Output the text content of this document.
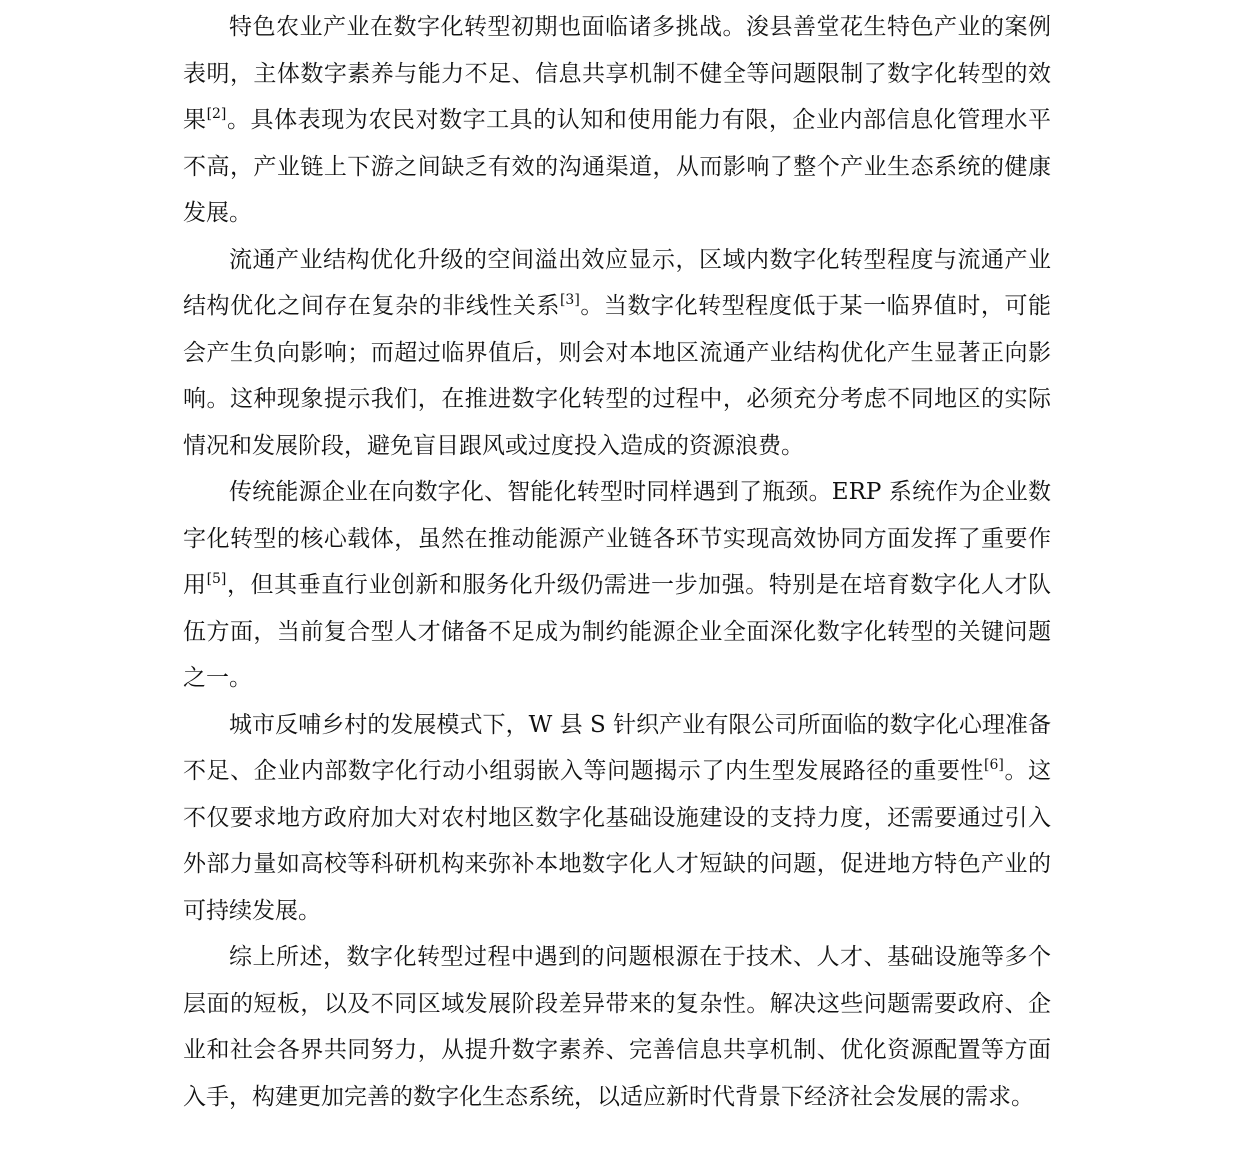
特色农业产业在数字化转型初期也面临诸多挑战。浚县善堂花生特色产业的案例表明，主体数字素养与能力不足、信息共享机制不健全等问题限制了数字化转型的效果[2]。具体表现为农民对数字工具的认知和使用能力有限，企业内部信息化管理水平不高，产业链上下游之间缺乏有效的沟通渠道，从而影响了整个产业生态系统的健康发展。

流通产业结构优化升级的空间溢出效应显示，区域内数字化转型程度与流通产业结构优化之间存在复杂的非线性关系[3]。当数字化转型程度低于某一临界值时，可能会产生负向影响；而超过临界值后，则会对本地区流通产业结构优化产生显著正向影响。这种现象提示我们，在推进数字化转型的过程中，必须充分考虑不同地区的实际情况和发展阶段，避免盲目跟风或过度投入造成的资源浪费。

传统能源企业在向数字化、智能化转型时同样遇到了瓶颈。ERP 系统作为企业数字化转型的核心载体，虽然在推动能源产业链各环节实现高效协同方面发挥了重要作用[5]，但其垂直行业创新和服务化升级仍需进一步加强。特别是在培育数字化人才队伍方面，当前复合型人才储备不足成为制约能源企业全面深化数字化转型的关键问题之一。

城市反哺乡村的发展模式下，W 县 S 针织产业有限公司所面临的数字化心理准备不足、企业内部数字化行动小组弱嵌入等问题揭示了内生型发展路径的重要性[6]。这不仅要求地方政府加大对农村地区数字化基础设施建设的支持力度，还需要通过引入外部力量如高校等科研机构来弥补本地数字化人才短缺的问题，促进地方特色产业的可持续发展。

综上所述，数字化转型过程中遇到的问题根源在于技术、人才、基础设施等多个层面的短板，以及不同区域发展阶段差异带来的复杂性。解决这些问题需要政府、企业和社会各界共同努力，从提升数字素养、完善信息共享机制、优化资源配置等方面入手，构建更加完善的数字化生态系统，以适应新时代背景下经济社会发展的需求。
